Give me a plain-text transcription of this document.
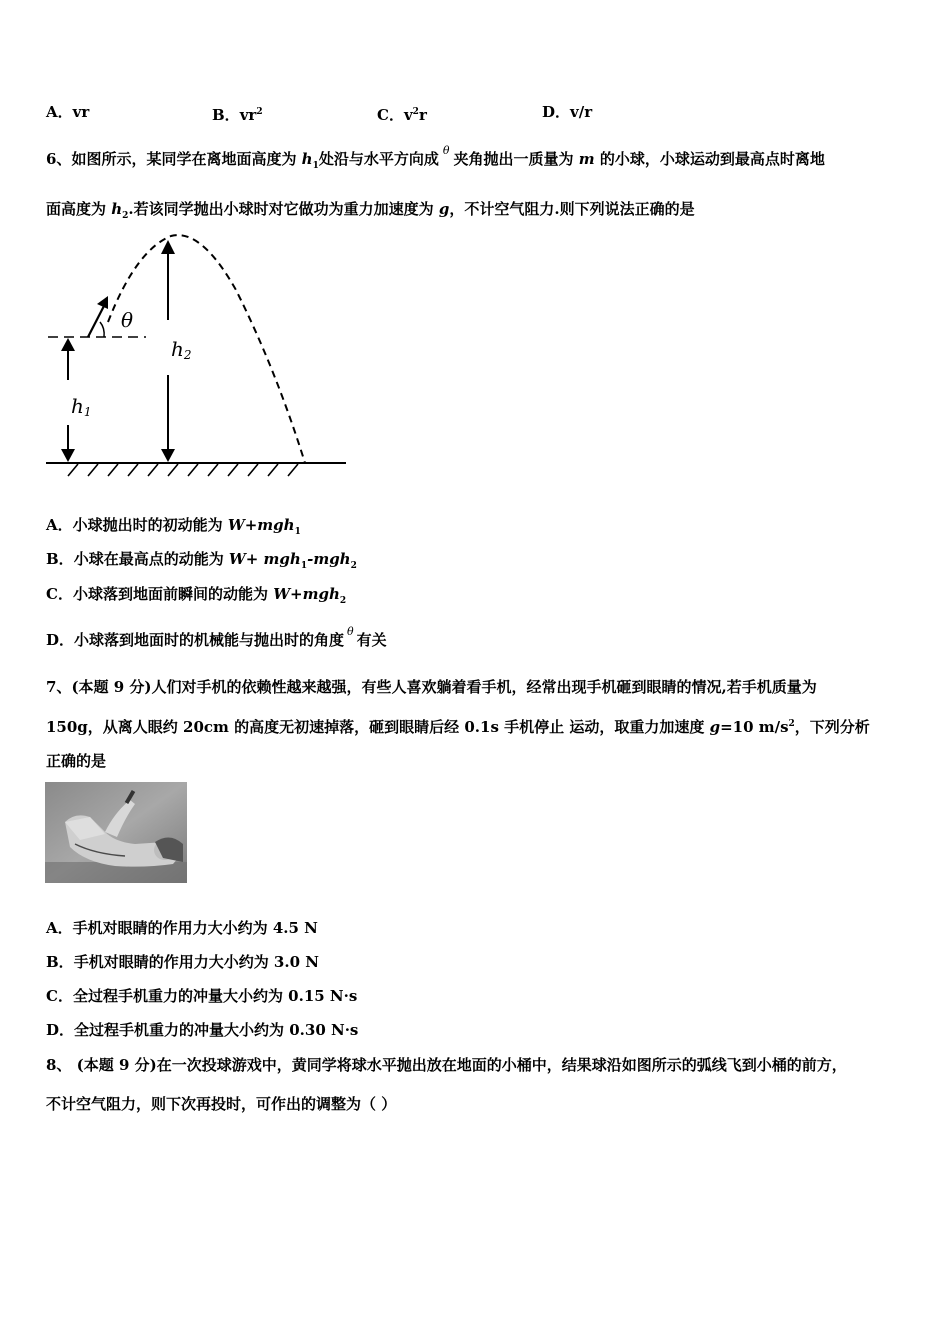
A．vr	B．$vr^2$	C．$v^2r$	D．v/r
6、如图所示，某同学在离地面高度为 $h_1$处沿与水平方向成 $^\theta$ 夹角抛出一质量为 m 的小球，小球运动到最高点时离地
面高度为 $h_2$.若该同学抛出小球时对它做功为重力加速度为 g，不计空气阻力.则下列说法正确的是
θ
h1
h2
A．小球抛出时的初动能为 W+mgh$_1$
B．小球在最高点的动能为 W+ mgh$_1$-mgh$_2$
C．小球落到地面前瞬间的动能为 W+mgh$_2$
D．小球落到地面时的机械能与抛出时的角度 $^\theta$ 有关
7、(本题 9 分)人们对手机的依赖性越来越强，有些人喜欢躺着看手机，经常出现手机砸到眼睛的情况,若手机质量为
150g，从离人眼约 20cm 的高度无初速掉落，砸到眼睛后经 0.1s 手机停止 运动，取重力加速度 g=10 $m/s^2$，下列分析
正确的是
A．手机对眼睛的作用力大小约为 4.5 N
B．手机对眼睛的作用力大小约为 3.0 N
C．全过程手机重力的冲量大小约为 0.15 N·s
D．全过程手机重力的冲量大小约为 0.30 N·s
8、 (本题 9 分)在一次投球游戏中，黄同学将球水平抛出放在地面的小桶中，结果球沿如图所示的弧线飞到小桶的前方，
不计空气阻力，则下次再投时，可作出的调整为（ ）
